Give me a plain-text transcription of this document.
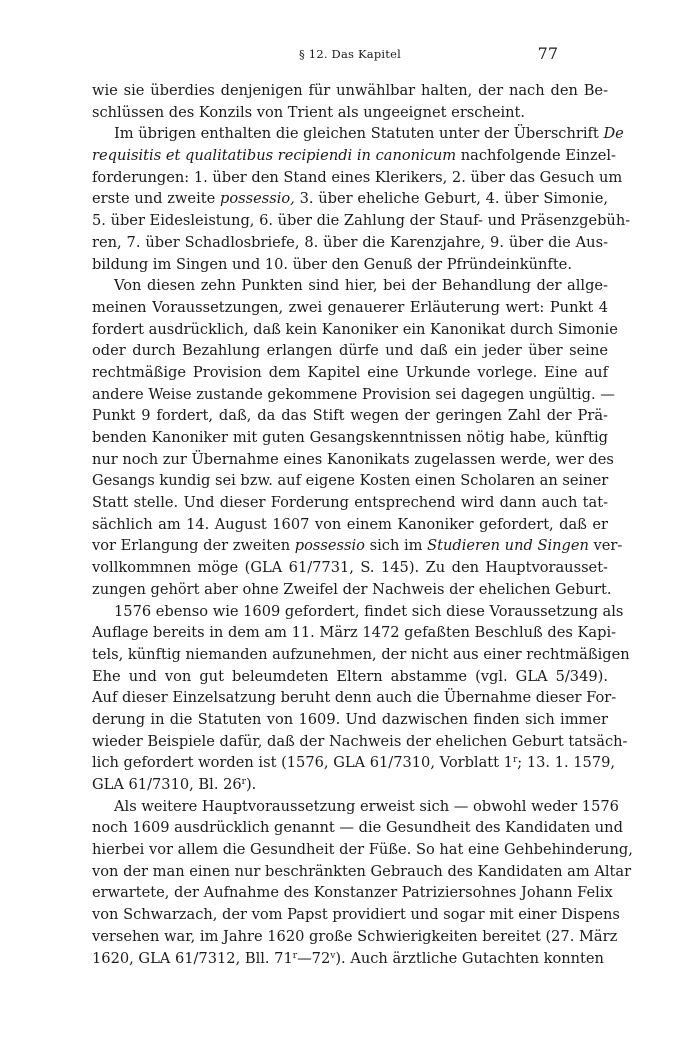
§ 12. Das Kapitel	77
wie sie überdies denjenigen für unwählbar halten, der nach den Be-
schlüssen des Konzils von Trient als ungeeignet erscheint.
Im übrigen enthalten die gleichen Statuten unter der Überschrift De
requisitis et qualitatibus recipiendi in canonicum nachfolgende Einzel-
forderungen: 1. über den Stand eines Klerikers, 2. über das Gesuch um
erste und zweite possessio, 3. über eheliche Geburt, 4. über Simonie,
5. über Eidesleistung, 6. über die Zahlung der Stauf- und Präsenzgebüh-
ren, 7. über Schadlosbriefe, 8. über die Karenzjahre, 9. über die Aus-
bildung im Singen und 10. über den Genuß der Pfründeinkünfte.
Von diesen zehn Punkten sind hier, bei der Behandlung der allge-
meinen Voraussetzungen, zwei genauerer Erläuterung wert: Punkt 4
fordert ausdrücklich, daß kein Kanoniker ein Kanonikat durch Simonie
oder durch Bezahlung erlangen dürfe und daß ein jeder über seine
rechtmäßige Provision dem Kapitel eine Urkunde vorlege. Eine auf
andere Weise zustande gekommene Provision sei dagegen ungültig. —
Punkt 9 fordert, daß, da das Stift wegen der geringen Zahl der Prä-
benden Kanoniker mit guten Gesangskenntnissen nötig habe, künftig
nur noch zur Übernahme eines Kanonikats zugelassen werde, wer des
Gesangs kundig sei bzw. auf eigene Kosten einen Scholaren an seiner
Statt stelle. Und dieser Forderung entsprechend wird dann auch tat-
sächlich am 14. August 1607 von einem Kanoniker gefordert, daß er
vor Erlangung der zweiten possessio sich im Studieren und Singen ver-
vollkommnen möge (GLA 61/7731, S. 145). Zu den Hauptvorausset-
zungen gehört aber ohne Zweifel der Nachweis der ehelichen Geburt.
1576 ebenso wie 1609 gefordert, findet sich diese Voraussetzung als
Auflage bereits in dem am 11. März 1472 gefaßten Beschluß des Kapi-
tels, künftig niemanden aufzunehmen, der nicht aus einer rechtmäßigen
Ehe und von gut beleumdeten Eltern abstamme (vgl. GLA 5/349).
Auf dieser Einzelsatzung beruht denn auch die Übernahme dieser For-
derung in die Statuten von 1609. Und dazwischen finden sich immer
wieder Beispiele dafür, daß der Nachweis der ehelichen Geburt tatsäch-
lich gefordert worden ist (1576, GLA 61/7310, Vorblatt 1$^r$; 13. 1. 1579,
GLA 61/7310, Bl. 26$^r$).
Als weitere Hauptvoraussetzung erweist sich — obwohl weder 1576
noch 1609 ausdrücklich genannt — die Gesundheit des Kandidaten und
hierbei vor allem die Gesundheit der Füße. So hat eine Gehbehinderung,
von der man einen nur beschränkten Gebrauch des Kandidaten am Altar
erwartete, der Aufnahme des Konstanzer Patriziersohnes Johann Felix
von Schwarzach, der vom Papst providiert und sogar mit einer Dispens
versehen war, im Jahre 1620 große Schwierigkeiten bereitet (27. März
1620, GLA 61/7312, Bll. 71$^r$—72$^v$). Auch ärztliche Gutachten konnten
